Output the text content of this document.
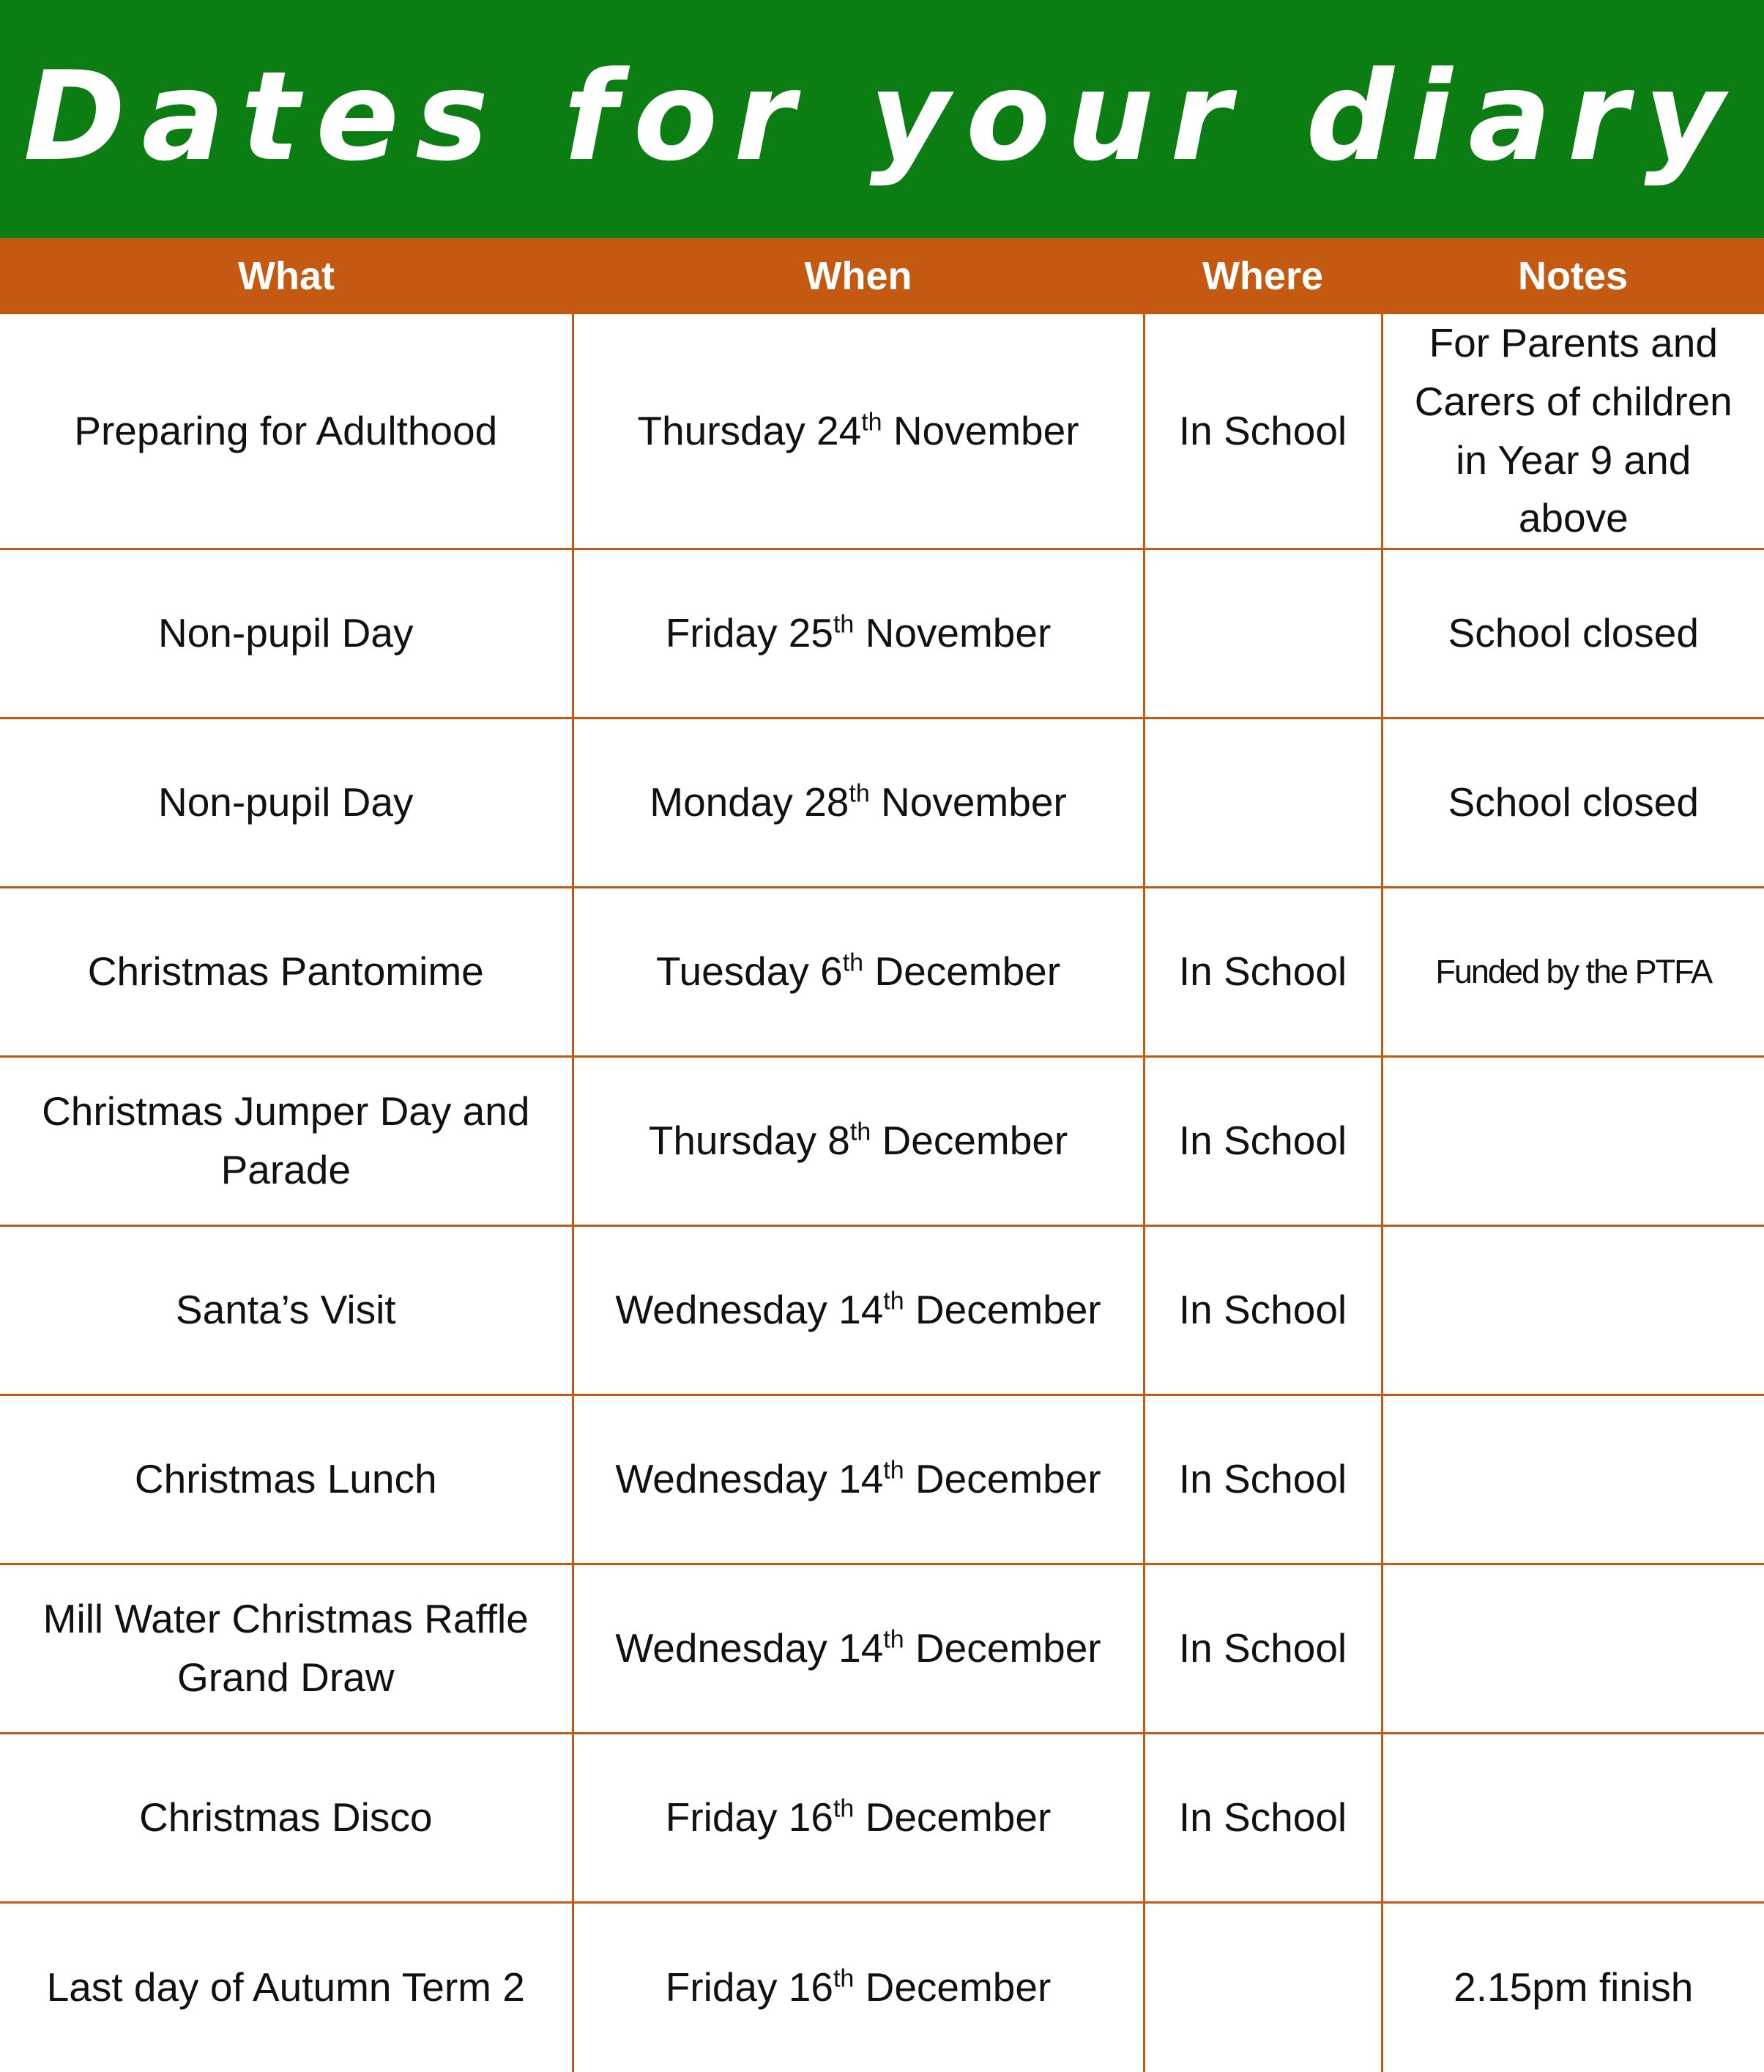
Dates for your diary
What	When	Where	Notes
Preparing for Adulthood	Thursday 24th November	In School	For Parents and Carers of children in Year 9 and above
Non-pupil Day	Friday 25th November		School closed
Non-pupil Day	Monday 28th November		School closed
Christmas Pantomime	Tuesday 6th December	In School	Funded by the PTFA
Christmas Jumper Day and Parade	Thursday 8th December	In School	
Santa’s Visit	Wednesday 14th December	In School	
Christmas Lunch	Wednesday 14th December	In School	
Mill Water Christmas Raffle Grand Draw	Wednesday 14th December	In School	
Christmas Disco	Friday 16th December	In School	
Last day of Autumn Term 2	Friday 16th December		2.15pm finish
